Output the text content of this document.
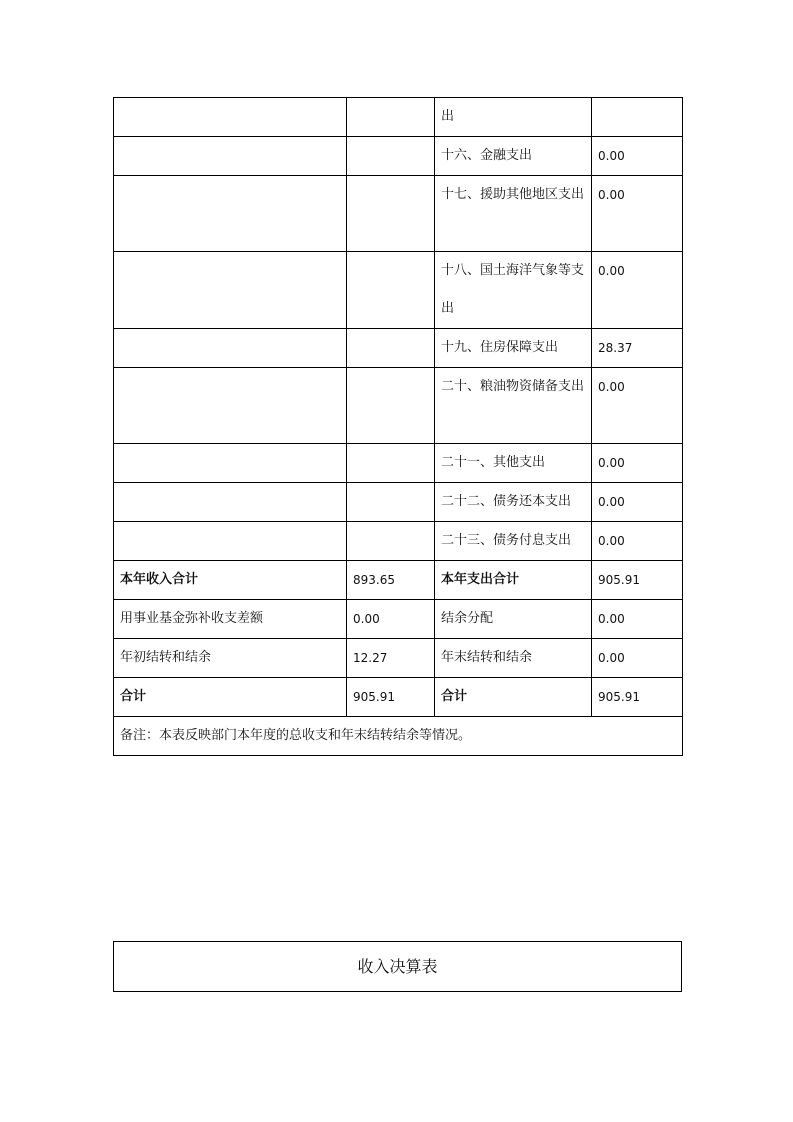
		出	
		十六、金融支出	0.00
		十七、援助其他地区支出	0.00
		十八、国土海洋气象等支出	0.00
		十九、住房保障支出	28.37
		二十、粮油物资储备支出	0.00
		二十一、其他支出	0.00
		二十二、债务还本支出	0.00
		二十三、债务付息支出	0.00
本年收入合计	893.65	本年支出合计	905.91
用事业基金弥补收支差额	0.00	结余分配	0.00
年初结转和结余	12.27	年末结转和结余	0.00
合计	905.91	合计	905.91
备注：本表反映部门本年度的总收支和年末结转结余等情况。			
收入决算表
